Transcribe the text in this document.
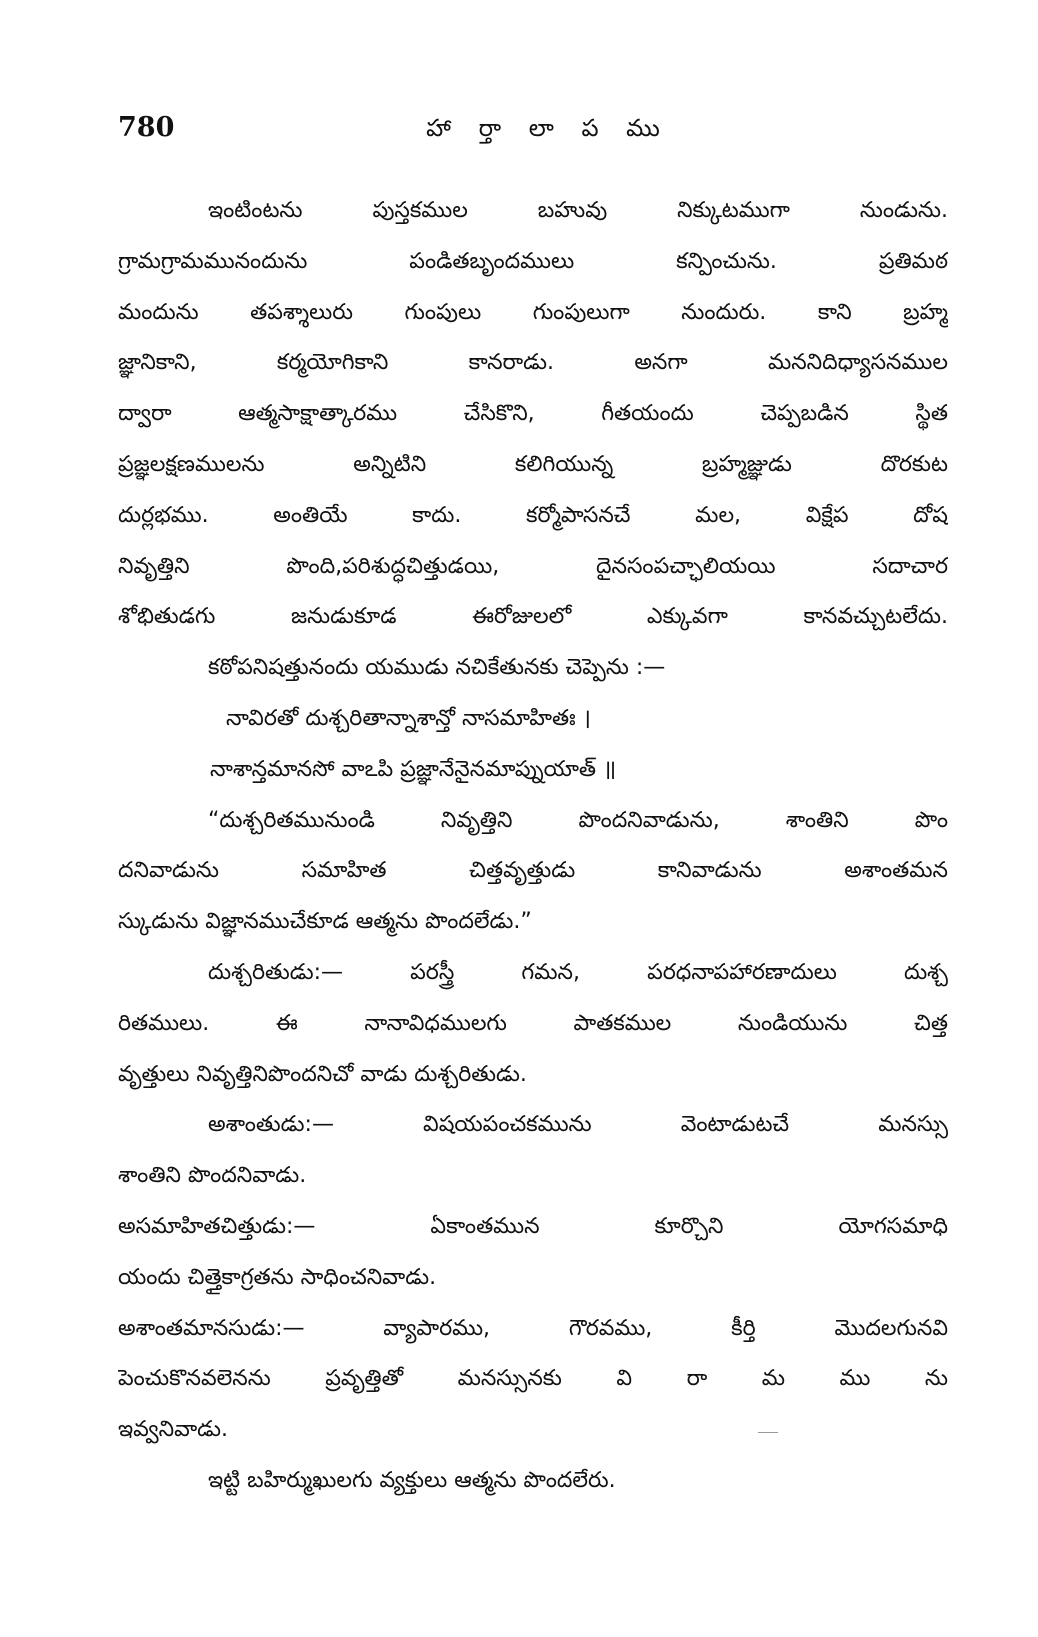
780	హా ర్తా లా ప ము
ఇంటింటను పుస్తకముల బహువు నిక్కుటముగా నుండును.
గ్రామగ్రామమునందును పండితబృందములు కన్పించును. ప్రతిమఠ
మందును తపశ్శాలురు గుంపులు గుంపులుగా నుందురు. కాని బ్రహ్మ
జ్ఞానికాని, కర్మయోగికాని కానరాడు. అనగా మననిదిధ్యాసనముల
ద్వారా ఆత్మసాక్షాత్కారము చేసికొని, గీతయందు చెప్పబడిన స్థిత
ప్రజ్ఞలక్షణములను అన్నిటిని కలిగియున్న బ్రహ్మజ్ఞుడు దొరకుట
దుర్లభము. అంతియే కాదు. కర్మోపాసనచే మల, విక్షేప దోష
నివృత్తిని పొంది,పరిశుద్ధచిత్తుడయి, దైనసంపచ్ఛాలియయి సదాచార
శోభితుడగు జనుడుకూడ ఈరోజులలో ఎక్కువగా కానవచ్చుటలేదు.
కఠోపనిషత్తునందు యముడు నచికేతునకు చెప్పెను :—
నావిరతో దుశ్చరితాన్నాశాన్తో నాసమాహితః ।
నాశాన్తమానసో వాఽపి ప్రజ్ఞానేనైనమాప్నుయాత్ ॥
“దుశ్చరితమునుండి నివృత్తిని పొందనివాడును, శాంతిని పొం
దనివాడును సమాహిత చిత్తవృత్తుడు కానివాడును అశాంతమన
స్కుడును విజ్ఞానముచేకూడ ఆత్మను పొందలేడు.”
దుశ్చరితుడు:— పరస్త్రీ గమన, పరధనాపహారణాదులు దుశ్చ
రితములు. ఈ నానావిధములగు పాతకముల నుండియును చిత్త
వృత్తులు నివృత్తినిపొందనిచో వాడు దుశ్చరితుడు.
అశాంతుడు:— విషయపంచకమును వెంటాడుటచే మనస్సు
శాంతిని పొందనివాడు.
అసమాహితచిత్తుడు:— ఏకాంతమున కూర్చొని యోగసమాధి
యందు చిత్తైకాగ్రతను సాధించనివాడు.
అశాంతమానసుడు:— వ్యాపారము, గౌరవము, కీర్తి మొదలగునవి
పెంచుకొనవలెనను ప్రవృత్తితో మనస్సునకు వి రా మ ము ను
ఇవ్వనివాడు.
ఇట్టి బహిర్ముఖులగు వ్యక్తులు ఆత్మను పొందలేరు.
